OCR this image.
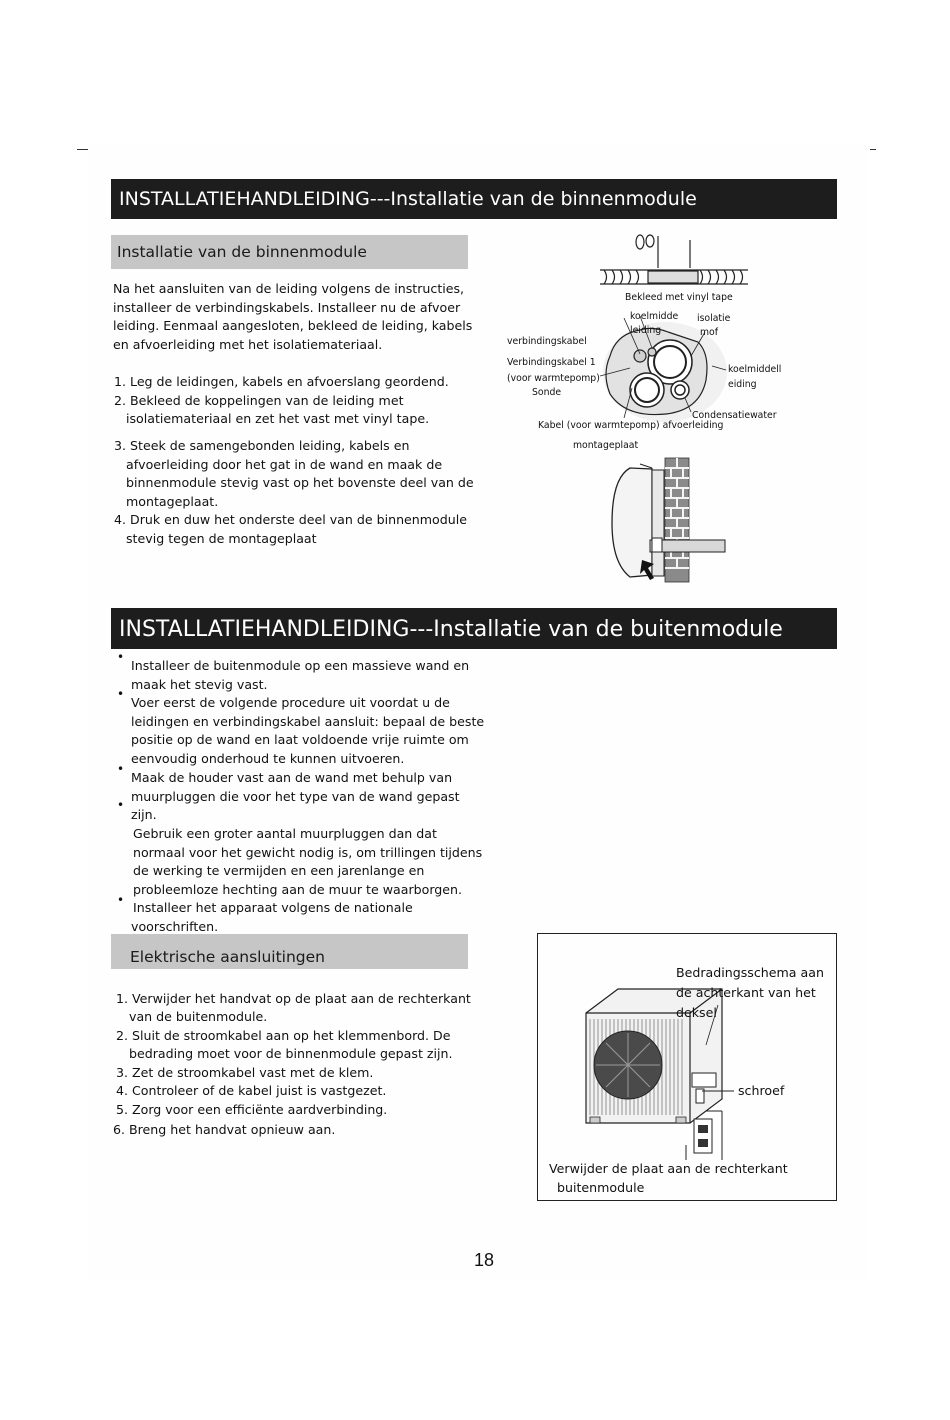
INSTALLATIEHANDLEIDING---Installatie van de binnenmodule
Installatie van de binnenmodule
Na het aansluiten van de leiding volgens de instructies,
installeer de verbindingskabels. Installeer nu de afvoer
leiding. Eenmaal aangesloten, bekleed de leiding, kabels
en afvoerleiding met het isolatiemateriaal.
1. Leg de leidingen, kabels en afvoerslang geordend.
2. Bekleed de koppelingen van de leiding met
isolatiemateriaal en zet het vast met vinyl tape.
3. Steek de samengebonden leiding, kabels en
afvoerleiding door het gat in de wand en maak de
binnenmodule stevig vast op het bovenste deel van de
montageplaat.
4. Druk en duw het onderste deel van de binnenmodule
stevig tegen de montageplaat
Bekleed met vinyl tape
koelmidde
leiding
isolatie
mof
verbindingskabel
Verbindingskabel 1
(voor warmtepomp)
Sonde
koelmiddell
eiding
Condensatiewater
Kabel (voor warmtepomp) afvoerleiding
montageplaat
INSTALLATIEHANDLEIDING---Installatie van de buitenmodule
•
Installeer de buitenmodule op een massieve wand en
maak het stevig vast.
•
Voer eerst de volgende procedure uit voordat u de
leidingen en verbindingskabel aansluit: bepaal de beste
positie op de wand en laat voldoende vrije ruimte om
eenvoudig onderhoud te kunnen uitvoeren.
•
Maak de houder vast aan de wand met behulp van
•
muurpluggen die voor het type van de wand gepast
zijn.
Gebruik een groter aantal muurpluggen dan dat
normaal voor het gewicht nodig is, om trillingen tijdens
de werking te vermijden en een jarenlange en
probleemloze hechting aan de muur te waarborgen.
• Installeer het apparaat volgens de nationale
voorschriften.
Elektrische aansluitingen
1. Verwijder het handvat op de plaat aan de rechterkant
van de buitenmodule.
2. Sluit de stroomkabel aan op het klemmenbord. De
bedrading moet voor de binnenmodule gepast zijn.
3. Zet de stroomkabel vast met de klem.
4. Controleer of de kabel juist is vastgezet.
5. Zorg voor een efficiënte aardverbinding.
6. Breng het handvat opnieuw aan.
Bedradingsschema aan
de achterkant van het
deksel
schroef
Verwijder de plaat aan de rechterkant
buitenmodule
18
